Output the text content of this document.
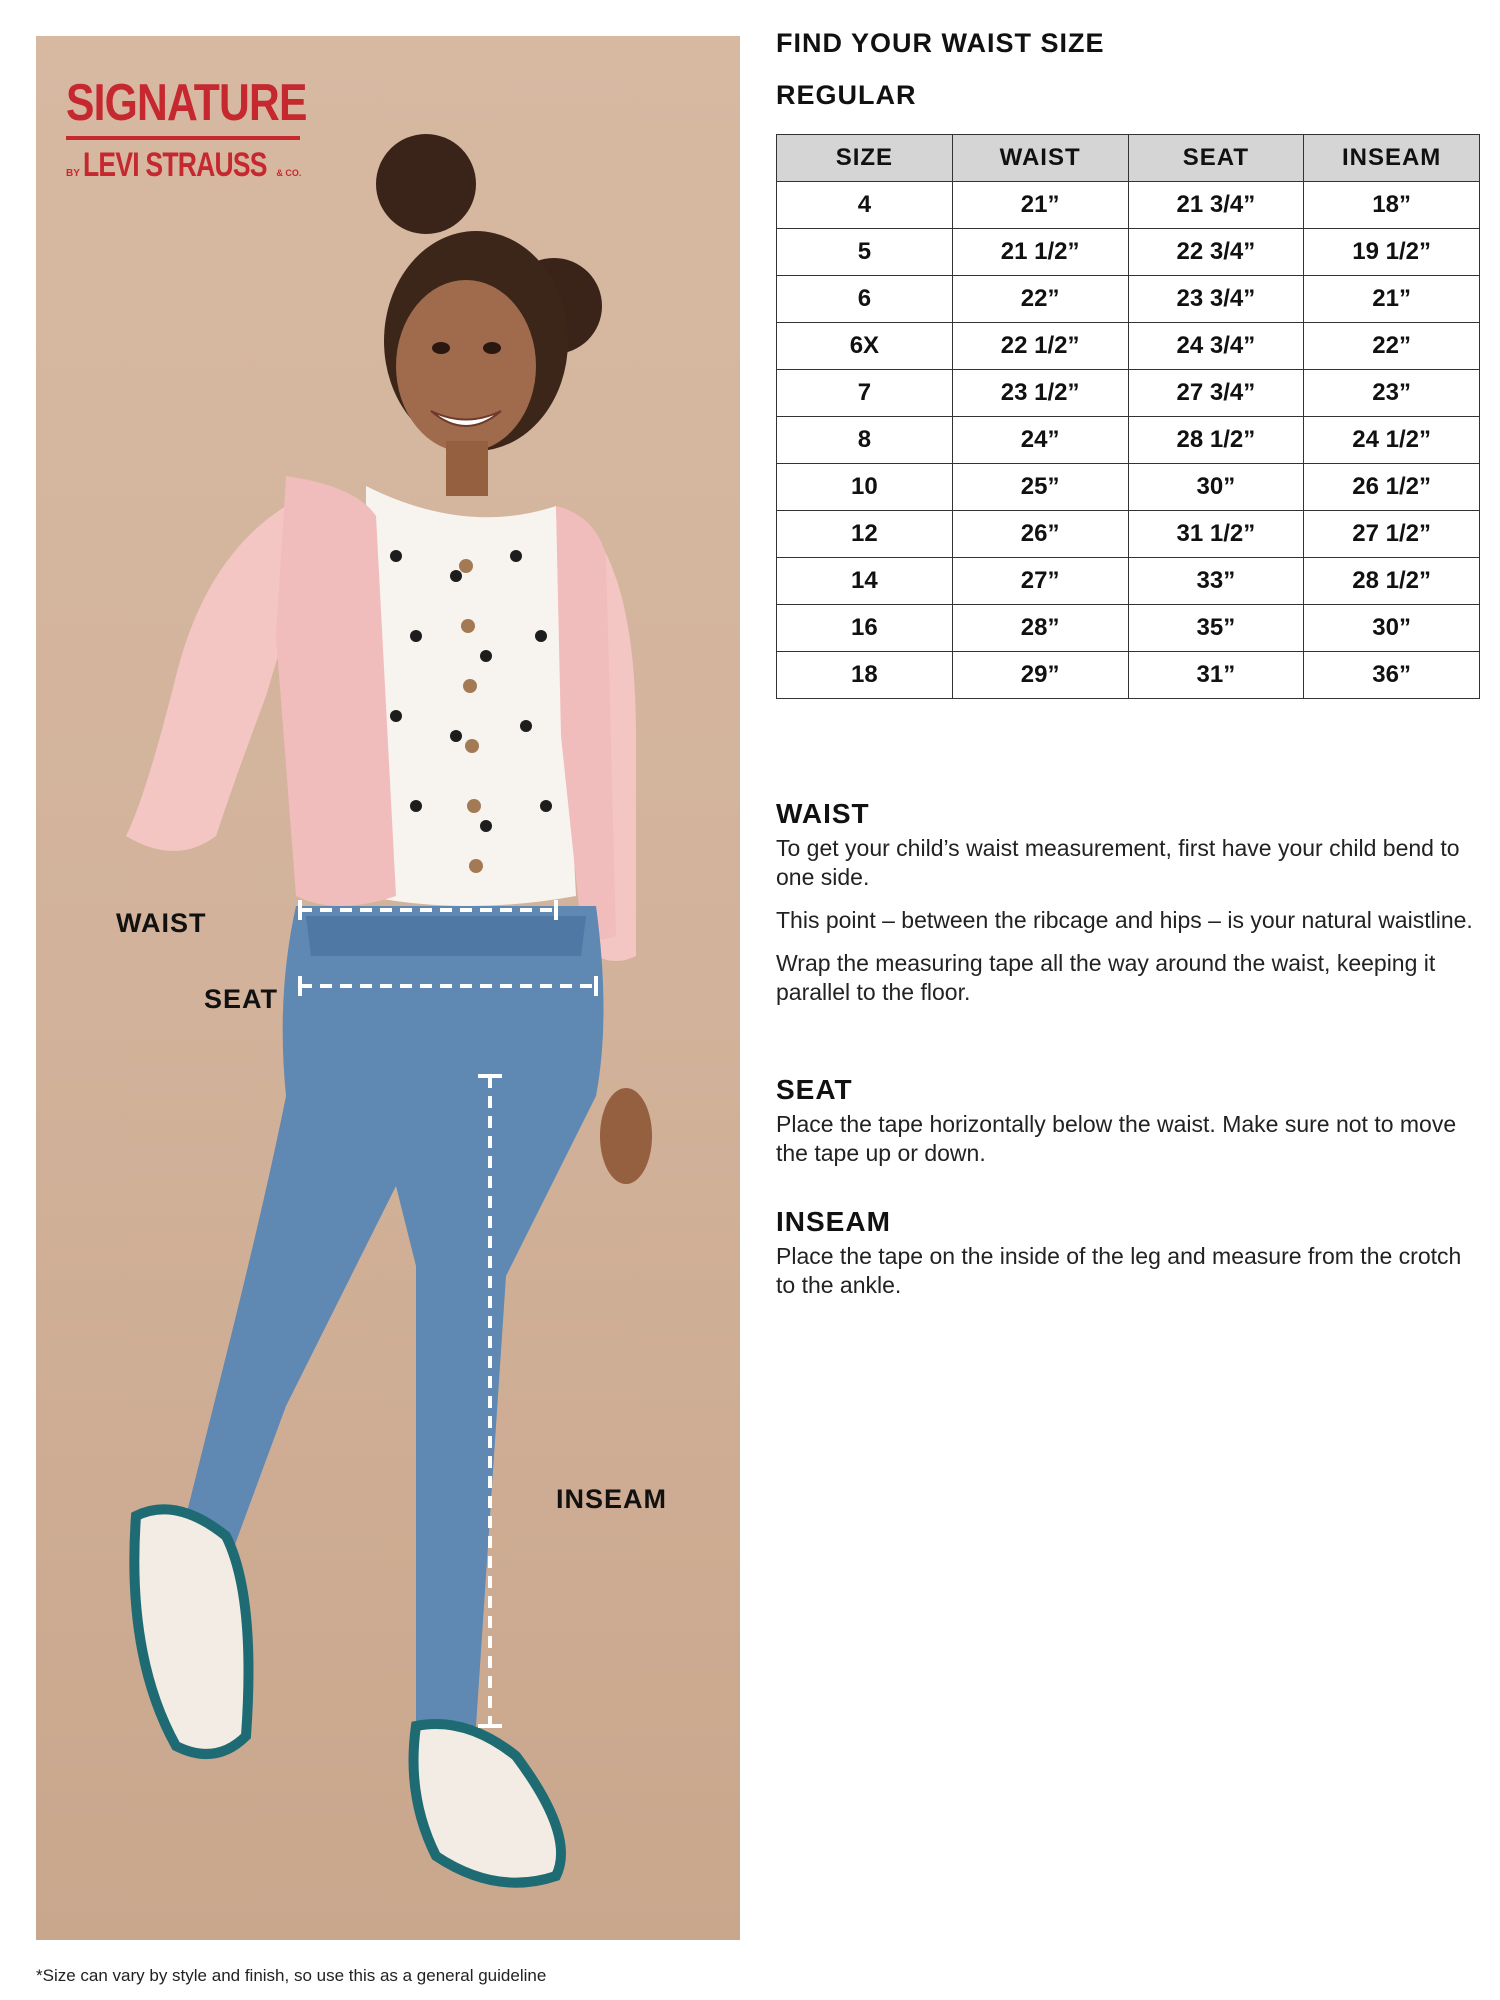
SIGNATURE
BY LEVI STRAUSS & CO.
WAIST
SEAT
INSEAM
*Size can vary by style and finish, so use this as a general guideline
FIND YOUR WAIST SIZE
REGULAR
SIZE	WAIST	SEAT	INSEAM
4	21”	21 3/4”	18”
5	21 1/2”	22 3/4”	19 1/2”
6	22”	23 3/4”	21”
6X	22 1/2”	24 3/4”	22”
7	23 1/2”	27 3/4”	23”
8	24”	28 1/2”	24 1/2”
10	25”	30”	26 1/2”
12	26”	31 1/2”	27 1/2”
14	27”	33”	28 1/2”
16	28”	35”	30”
18	29”	31”	36”
WAIST

To get your child’s waist measurement, first have your child bend to one side.

This point – between the ribcage and hips – is your natural waistline.

Wrap the measuring tape all the way around the waist, keeping it parallel to the floor.

SEAT

Place the tape horizontally below the waist. Make sure not to move the tape up or down.

INSEAM

Place the tape on the inside of the leg and measure from the crotch to the ankle.
